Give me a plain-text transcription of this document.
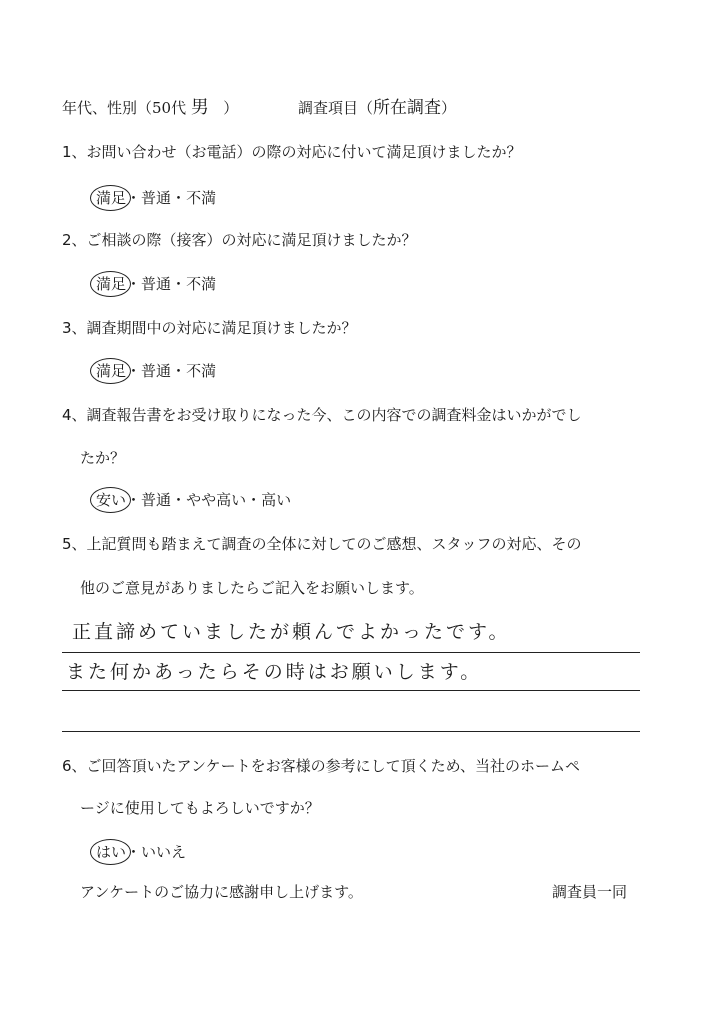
年代、性別（50代 男 ）	調査項目（所在調査）
1、お問い合わせ（お電話）の際の対応に付いて満足頂けましたか？
満足・普通・不満
2、ご相談の際（接客）の対応に満足頂けましたか？
満足・普通・不満
3、調査期間中の対応に満足頂けましたか？
満足・普通・不満
4、調査報告書をお受け取りになった今、この内容での調査料金はいかがでし
たか？
安い・普通・やや高い・高い
5、上記質問も踏まえて調査の全体に対してのご感想、スタッフの対応、その
他のご意見がありましたらご記入をお願いします。
正直諦めていましたが頼んでよかったです。
また何かあったらその時はお願いします。
6、ご回答頂いたアンケートをお客様の参考にして頂くため、当社のホームペ
ージに使用してもよろしいですか？
はい・いいえ
アンケートのご協力に感謝申し上げます。	調査員一同
